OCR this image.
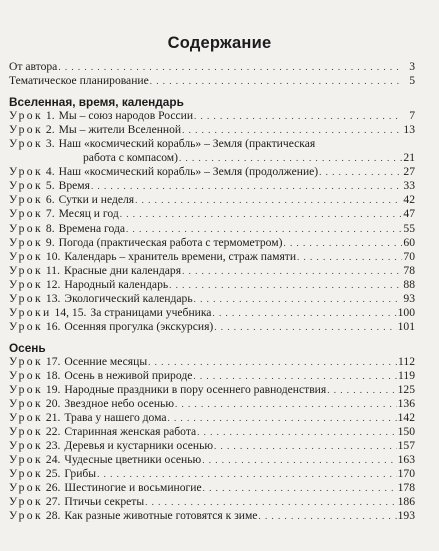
Содержание
От автора . . .	3
Тематическое планирование . . .	5
Вселенная, время, календарь
Урок 1. Мы – союз народов России . . .	7
Урок 2. Мы – жители Вселенной . . .	13
Урок 3. Наш «космический корабль» – Земля (практическая
работа с компасом) . . .	21
Урок 4. Наш «космический корабль» – Земля (продолжение) . . .	27
Урок 5. Время . . .	33
Урок 6. Сутки и неделя . . .	42
Урок 7. Месяц и год . . .	47
Урок 8. Времена года . . .	55
Урок 9. Погода (практическая работа с термометром) . . .	60
Урок 10. Календарь – хранитель времени, страж памяти . . .	70
Урок 11. Красные дни календаря . . .	78
Урок 12. Народный календарь . . .	88
Урок 13. Экологический календарь . . .	93
Уроки 14, 15. За страницами учебника . . .	100
Урок 16. Осенняя прогулка (экскурсия) . . .	101
Осень
Урок 17. Осенние месяцы . . .	112
Урок 18. Осень в неживой природе . . .	119
Урок 19. Народные праздники в пору осеннего равноденствия . . .	125
Урок 20. Звездное небо осенью . . .	136
Урок 21. Трава у нашего дома . . .	142
Урок 22. Старинная женская работа . . .	150
Урок 23. Деревья и кустарники осенью . . .	157
Урок 24. Чудесные цветники осенью . . .	163
Урок 25. Грибы . . .	170
Урок 26. Шестиногие и восьминогие . . .	178
Урок 27. Птичьи секреты . . .	186
Урок 28. Как разные животные готовятся к зиме . . .	193
